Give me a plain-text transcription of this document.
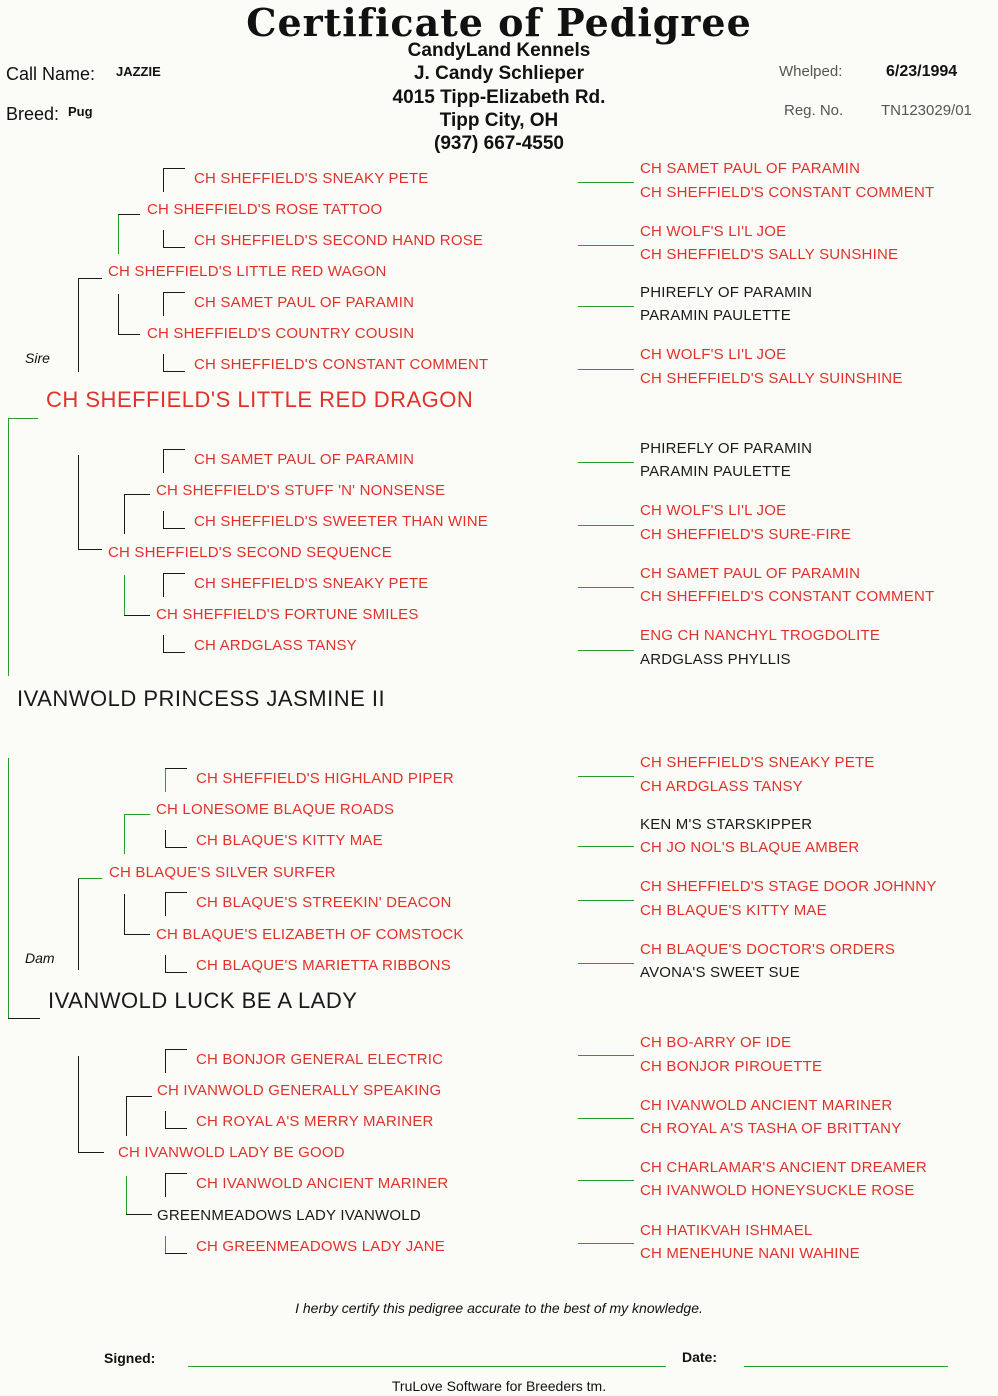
Certificate of Pedigree
CandyLand Kennels
J. Candy Schlieper
4015 Tipp-Elizabeth Rd.
Tipp City, OH
(937) 667-4550
Call Name: JAZZIE
Breed: Pug
Whelped:	6/23/1994
Reg. No.	TN123029/01
CH SHEFFIELD'S SNEAKY PETE
CH SHEFFIELD'S SECOND HAND ROSE
CH SAMET PAUL OF PARAMIN
CH SHEFFIELD'S CONSTANT COMMENT
CH SAMET PAUL OF PARAMIN
CH SHEFFIELD'S SWEETER THAN WINE
CH SHEFFIELD'S SNEAKY PETE
CH ARDGLASS TANSY
CH SHEFFIELD'S ROSE TATTOO
CH SHEFFIELD'S COUNTRY COUSIN
CH SHEFFIELD'S STUFF 'N' NONSENSE
CH SHEFFIELD'S FORTUNE SMILES
CH SHEFFIELD'S LITTLE RED WAGON
CH SHEFFIELD'S SECOND SEQUENCE
Sire
CH SHEFFIELD'S LITTLE RED DRAGON
IVANWOLD PRINCESS JASMINE II
CH SHEFFIELD'S HIGHLAND PIPER
CH BLAQUE'S KITTY MAE
CH BLAQUE'S STREEKIN' DEACON
CH BLAQUE'S MARIETTA RIBBONS
CH BONJOR GENERAL ELECTRIC
CH ROYAL A'S MERRY MARINER
CH IVANWOLD ANCIENT MARINER
CH GREENMEADOWS LADY JANE
CH LONESOME BLAQUE ROADS
CH BLAQUE'S ELIZABETH OF COMSTOCK
CH IVANWOLD GENERALLY SPEAKING
GREENMEADOWS LADY IVANWOLD
CH BLAQUE'S SILVER SURFER
CH IVANWOLD LADY BE GOOD
Dam
IVANWOLD LUCK BE A LADY
CH SAMET PAUL OF PARAMIN
CH SHEFFIELD'S CONSTANT COMMENT
CH WOLF'S LI'L JOE
CH SHEFFIELD'S SALLY SUNSHINE
PHIREFLY OF PARAMIN
PARAMIN PAULETTE
CH WOLF'S LI'L JOE
CH SHEFFIELD'S SALLY SUINSHINE
PHIREFLY OF PARAMIN
PARAMIN PAULETTE
CH WOLF'S LI'L JOE
CH SHEFFIELD'S SURE-FIRE
CH SAMET PAUL OF PARAMIN
CH SHEFFIELD'S CONSTANT COMMENT
ENG CH NANCHYL TROGDOLITE
ARDGLASS PHYLLIS
CH SHEFFIELD'S SNEAKY PETE
CH ARDGLASS TANSY
KEN M'S STARSKIPPER
CH JO NOL'S BLAQUE AMBER
CH SHEFFIELD'S STAGE DOOR JOHNNY
CH BLAQUE'S KITTY MAE
CH BLAQUE'S DOCTOR'S ORDERS
AVONA'S SWEET SUE
CH BO-ARRY OF IDE
CH BONJOR PIROUETTE
CH IVANWOLD ANCIENT MARINER
CH ROYAL A'S TASHA OF BRITTANY
CH CHARLAMAR'S ANCIENT DREAMER
CH IVANWOLD HONEYSUCKLE ROSE
CH HATIKVAH ISHMAEL
CH MENEHUNE NANI WAHINE
I herby certify this pedigree accurate to the best of my knowledge.
Signed:	Date:
TruLove Software for Breeders tm.
